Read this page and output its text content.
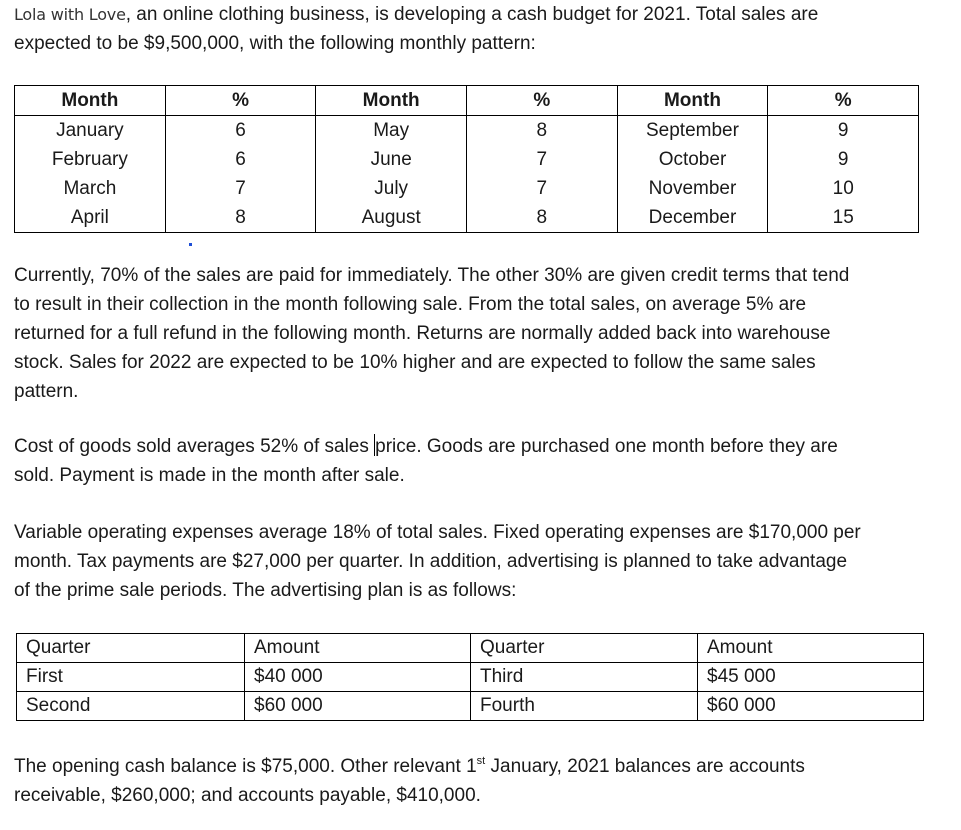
Lola with Love, an online clothing business, is developing a cash budget for 2021. Total sales are

expected to be $9,500,000, with the following monthly pattern:

Month	%	Month	%	Month	%
January	6	May	8	September	9
February	6	June	7	October	9
March	7	July	7	November	10
April	8	August	8	December	15

Currently, 70% of the sales are paid for immediately. The other 30% are given credit terms that tend

to result in their collection in the month following sale. From the total sales, on average 5% are

returned for a full refund in the following month. Returns are normally added back into warehouse

stock. Sales for 2022 are expected to be 10% higher and are expected to follow the same sales

pattern.

Cost of goods sold averages 52% of sales price. Goods are purchased one month before they are

sold. Payment is made in the month after sale.

Variable operating expenses average 18% of total sales. Fixed operating expenses are $170,000 per

month. Tax payments are $27,000 per quarter. In addition, advertising is planned to take advantage

of the prime sale periods. The advertising plan is as follows:

Quarter	Amount	Quarter	Amount
First	$40 000	Third	$45 000
Second	$60 000	Fourth	$60 000

The opening cash balance is $75,000. Other relevant 1st January, 2021 balances are accounts

receivable, $260,000; and accounts payable, $410,000.
